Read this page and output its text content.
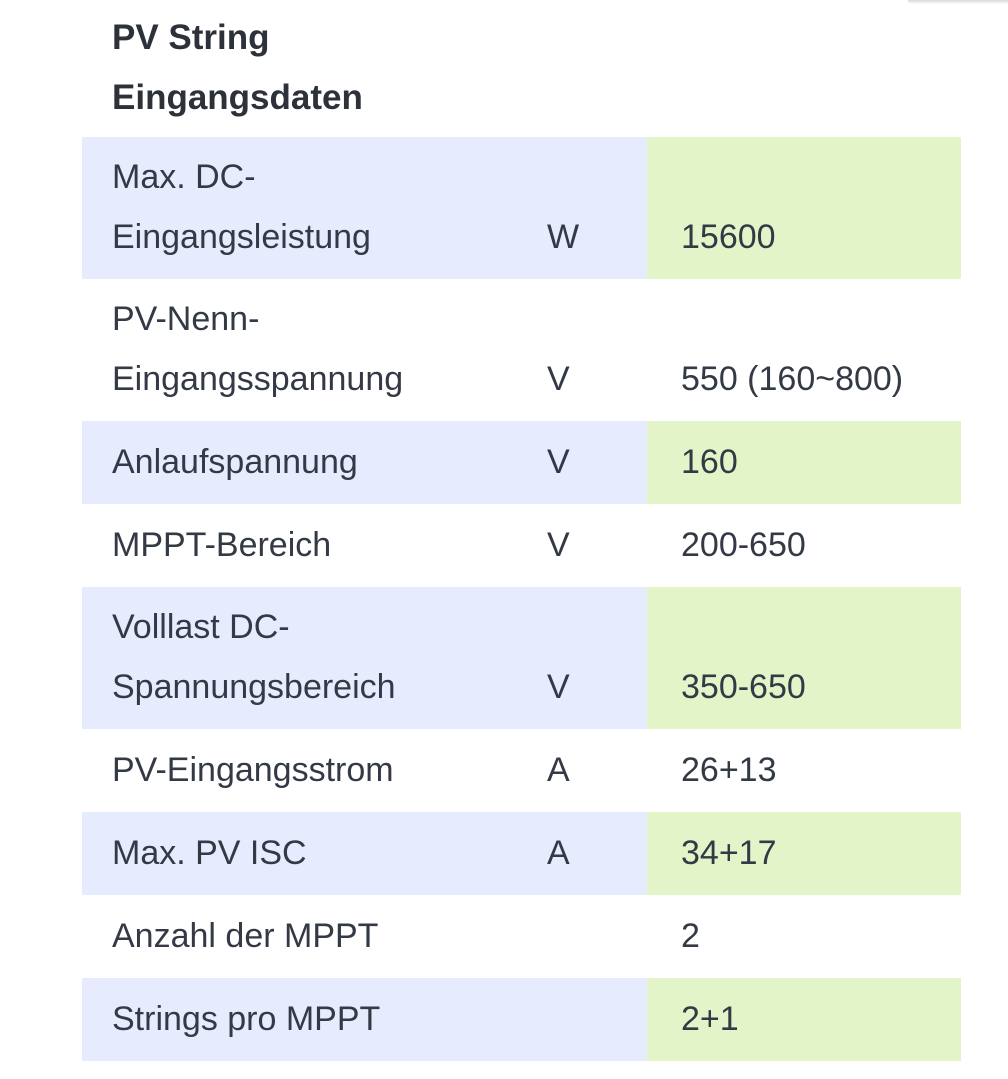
PV String
Eingangsdaten
Max. DC-
Eingangsleistung	W	15600

PV-Nenn-
Eingangsspannung	V	550 (160~800)
Anlaufspannung	V	160
MPPT-Bereich	V	200-650

Volllast DC-
Spannungsbereich	V	350-650
PV-Eingangsstrom	A	26+13
Max. PV ISC	A	34+17
Anzahl der MPPT		2
Strings pro MPPT		2+1
